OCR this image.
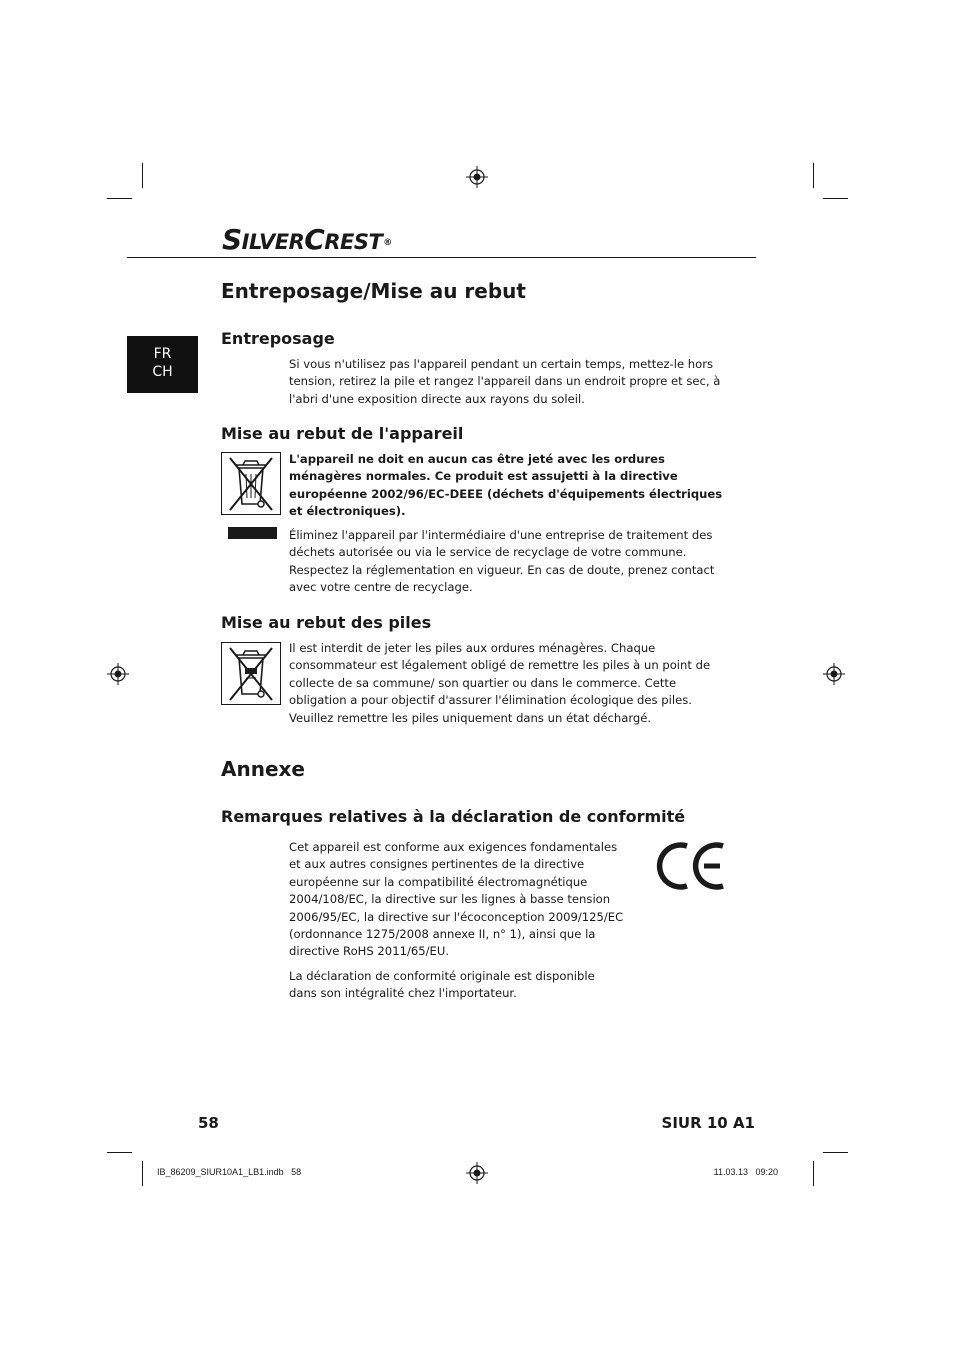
SILVERCREST®
FR
CH
Entreposage/Mise au rebut
Entreposage
Si vous n'utilisez pas l'appareil pendant un certain temps, mettez-le hors tension, retirez la pile et rangez l'appareil dans un endroit propre et sec, à l'abri d'une exposition directe aux rayons du soleil.
Mise au rebut de l'appareil
L'appareil ne doit en aucun cas être jeté avec les ordures ménagères normales. Ce produit est assujetti à la directive européenne 2002/96/EC-DEEE (déchets d'équipements électriques et électroniques).
Éliminez l'appareil par l'intermédiaire d'une entreprise de traitement des déchets autorisée ou via le service de recyclage de votre commune. Respectez la réglementation en vigueur. En cas de doute, prenez contact avec votre centre de recyclage.
Mise au rebut des piles
Il est interdit de jeter les piles aux ordures ménagères. Chaque consommateur est légalement obligé de remettre les piles à un point de collecte de sa commune/ son quartier ou dans le commerce. Cette obligation a pour objectif d'assurer l'élimination écologique des piles. Veuillez remettre les piles uniquement dans un état déchargé.
Annexe
Remarques relatives à la déclaration de conformité
Cet appareil est conforme aux exigences fondamentales et aux autres consignes pertinentes de la directive européenne sur la compatibilité électromagnétique 2004/108/EC, la directive sur les lignes à basse tension 2006/95/EC, la directive sur l'écoconception 2009/125/EC (ordonnance 1275/2008 annexe II, n° 1), ainsi que la directive RoHS 2011/65/EU.
La déclaration de conformité originale est disponible dans son intégralité chez l'importateur.
58	SIUR 10 A1
IB_86209_SIUR10A1_LB1.indb   58	11.03.13   09:20
